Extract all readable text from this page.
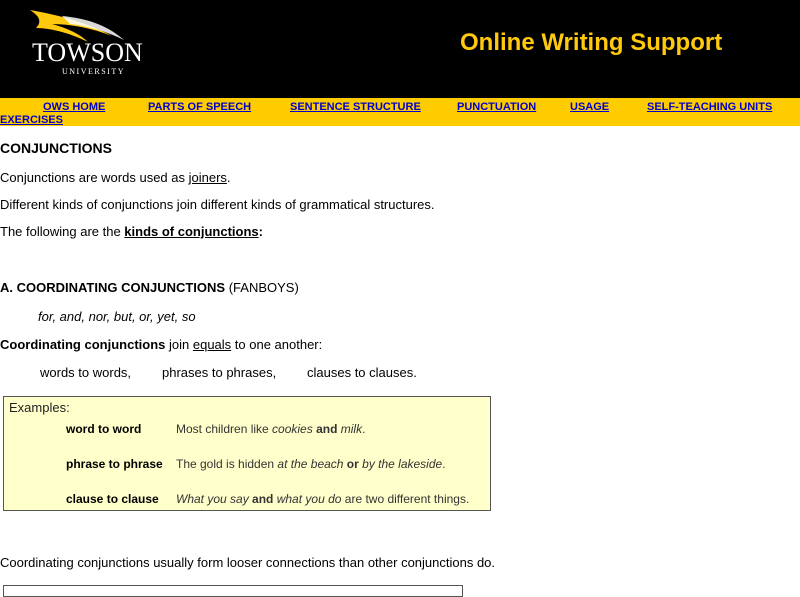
TOWSON
UNIVERSITY
Online Writing Support
OWS HOME	PARTS OF SPEECH	SENTENCE STRUCTURE	PUNCTUATION	USAGE	SELF-TEACHING UNITS
EXERCISES
CONJUNCTIONS
Conjunctions are words used as joiners.
Different kinds of conjunctions join different kinds of grammatical structures.
The following are the kinds of conjunctions:
A. COORDINATING CONJUNCTIONS (FANBOYS)
for, and, nor, but, or, yet, so
Coordinating conjunctions join equals to one another:
words to words, phrases to phrases, clauses to clauses.
Examples:
word to word	Most children like cookies and milk.
phrase to phrase The gold is hidden at the beach or by the lakeside.
clause to clause What you say and what you do are two different things.
Coordinating conjunctions usually form looser connections than other conjunctions do.
